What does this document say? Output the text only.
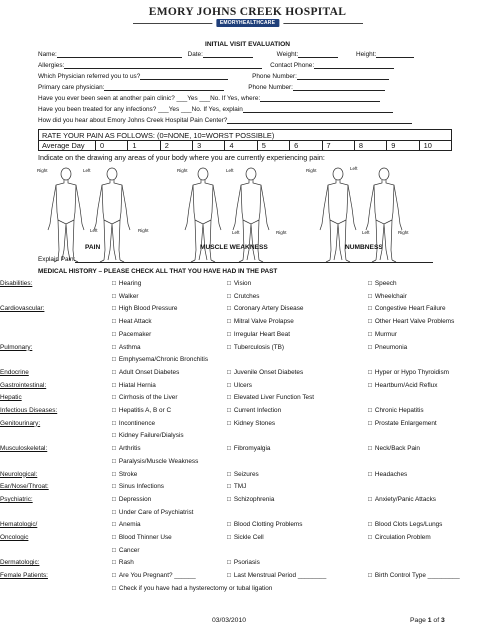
EMORY JOHNS CREEK HOSPITAL
EMORYHEALTHCARE
INITIAL VISIT EVALUATION
Name:	Date:	Weight:	Height:
Allergies:	Contact Phone:
Which Physician referred you to us?	Phone Number:
Primary care physician:	Phone Number:
Have you ever been seen at another pain clinic? ___Yes ___No. If Yes, where:
Have you been treated for any infections? ___Yes ___No. If Yes, explain
How did you hear about Emory Johns Creek Hospital Pain Center?
RATE YOUR PAIN AS FOLLOWS: (0=NONE, 10=WORST POSSIBLE)
Average Day	0	1	2	3	4	5	6	7	8	9	10
Indicate on the drawing any areas of your body where you are currently experiencing pain:
Right	Left
Left	Right
Right	Left
Left	Right
Right	Left
Left	Right
PAIN	MUSCLE WEAKNESS	NUMBNESS
Explain Pain:
MEDICAL HISTORY – PLEASE CHECK ALL THAT YOU HAVE HAD IN THE PAST
Disabilities:	□ Hearing	□ Vision	□ Speech
□ Walker	□ Crutches	□ Wheelchair
Cardiovascular:	□ High Blood Pressure	□ Coronary Artery Disease	□ Congestive Heart Failure
□ Heat Attack	□ Mitral Valve Prolapse	□ Other Heart Valve Problems
□ Pacemaker	□ Irregular Heart Beat	□ Murmur
Pulmonary:	□ Asthma	□ Tuberculosis (TB)	□ Pneumonia
□ Emphysema/Chronic Bronchitis
Endocrine	□ Adult Onset Diabetes	□ Juvenile Onset Diabetes	□ Hyper or Hypo Thyroidism
Gastrointestinal:	□ Hiatal Hernia	□ Ulcers	□ Heartburn/Acid Reflux
Hepatic	□ Cirrhosis of the Liver	□ Elevated Liver Function Test
Infectious Diseases:	□ Hepatitis A, B or C	□ Current Infection	□ Chronic Hepatitis
Genitourinary:	□ Incontinence	□ Kidney Stones	□ Prostate Enlargement
□ Kidney Failure/Dialysis
Musculoskeletal:	□ Arthritis	□ Fibromyalgia	□ Neck/Back Pain
□ Paralysis/Muscle Weakness
Neurological:	□ Stroke	□ Seizures	□ Headaches
Ear/Nose/Throat:	□ Sinus Infections	□ TMJ
Psychiatric:	□ Depression	□ Schizophrenia	□ Anxiety/Panic Attacks
□ Under Care of Psychiatrist
Hematologic/	□ Anemia	□ Blood Clotting Problems	□ Blood Clots Legs/Lungs
Oncologic	□ Blood Thinner Use	□ Sickle Cell	□ Circulation Problem
□ Cancer
Dermatologic:	□ Rash	□ Psoriasis
Female Patients:	□ Are You Pregnant? ______	□ Last Menstrual Period ________	□ Birth Control Type _________
□ Check if you have had a hysterectomy or tubal ligation
03/03/2010	Page 1 of 3
